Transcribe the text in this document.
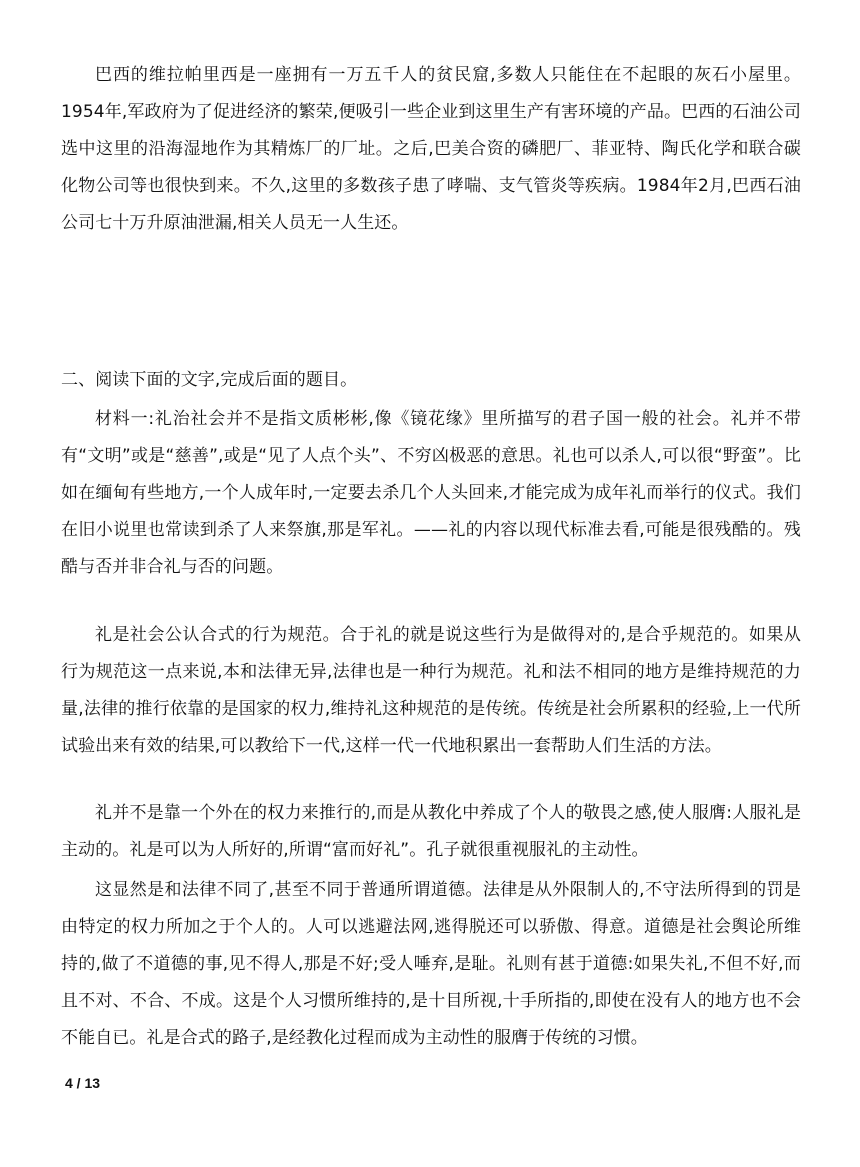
巴西的维拉帕里西是一座拥有一万五千人的贫民窟,多数人只能住在不起眼的灰石小屋里。1954年,军政府为了促进经济的繁荣,便吸引一些企业到这里生产有害环境的产品。巴西的石油公司选中这里的沿海湿地作为其精炼厂的厂址。之后,巴美合资的磷肥厂、菲亚特、陶氏化学和联合碳化物公司等也很快到来。不久,这里的多数孩子患了哮喘、支气管炎等疾病。1984年2月,巴西石油公司七十万升原油泄漏,相关人员无一人生还。

二、阅读下面的文字,完成后面的题目。

材料一:礼治社会并不是指文质彬彬,像《镜花缘》里所描写的君子国一般的社会。礼并不带有“文明”或是“慈善”,或是“见了人点个头”、不穷凶极恶的意思。礼也可以杀人,可以很“野蛮”。比如在缅甸有些地方,一个人成年时,一定要去杀几个人头回来,才能完成为成年礼而举行的仪式。我们在旧小说里也常读到杀了人来祭旗,那是军礼。——礼的内容以现代标准去看,可能是很残酷的。残酷与否并非合礼与否的问题。

礼是社会公认合式的行为规范。合于礼的就是说这些行为是做得对的,是合乎规范的。如果从行为规范这一点来说,本和法律无异,法律也是一种行为规范。礼和法不相同的地方是维持规范的力量,法律的推行依靠的是国家的权力,维持礼这种规范的是传统。传统是社会所累积的经验,上一代所试验出来有效的结果,可以教给下一代,这样一代一代地积累出一套帮助人们生活的方法。

礼并不是靠一个外在的权力来推行的,而是从教化中养成了个人的敬畏之感,使人服膺:人服礼是主动的。礼是可以为人所好的,所谓“富而好礼”。孔子就很重视服礼的主动性。

这显然是和法律不同了,甚至不同于普通所谓道德。法律是从外限制人的,不守法所得到的罚是由特定的权力所加之于个人的。人可以逃避法网,逃得脱还可以骄傲、得意。道德是社会舆论所维持的,做了不道德的事,见不得人,那是不好;受人唾弃,是耻。礼则有甚于道德:如果失礼,不但不好,而且不对、不合、不成。这是个人习惯所维持的,是十目所视,十手所指的,即使在没有人的地方也不会不能自已。礼是合式的路子,是经教化过程而成为主动性的服膺于传统的习惯。

4 / 13
